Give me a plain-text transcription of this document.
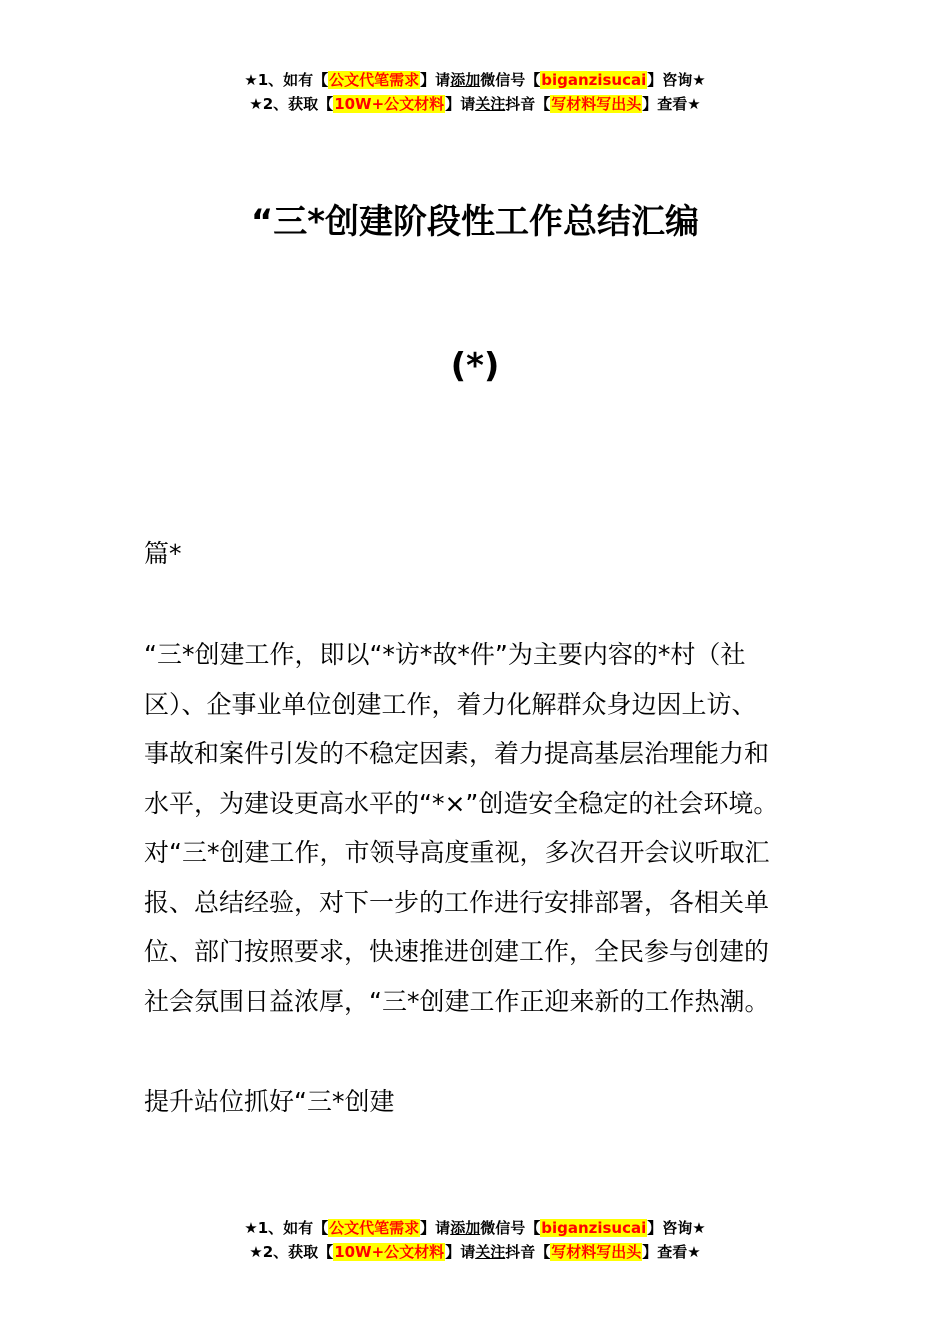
★1、如有【公文代笔需求】请添加微信号【biganzisucai】咨询★
★2、获取【10W+公文材料】请关注抖音【写材料写出头】查看★
“三*创建阶段性工作总结汇编
(*)
篇*
“三*创建工作，即以“*访*故*件”为主要内容的*村（社
区）、企事业单位创建工作，着力化解群众身边因上访、
事故和案件引发的不稳定因素，着力提高基层治理能力和
水平，为建设更高水平的“*×”创造安全稳定的社会环境。
对“三*创建工作，市领导高度重视，多次召开会议听取汇
报、总结经验，对下一步的工作进行安排部署，各相关单
位、部门按照要求，快速推进创建工作，全民参与创建的
社会氛围日益浓厚，“三*创建工作正迎来新的工作热潮。
提升站位抓好“三*创建
★1、如有【公文代笔需求】请添加微信号【biganzisucai】咨询★
★2、获取【10W+公文材料】请关注抖音【写材料写出头】查看★
